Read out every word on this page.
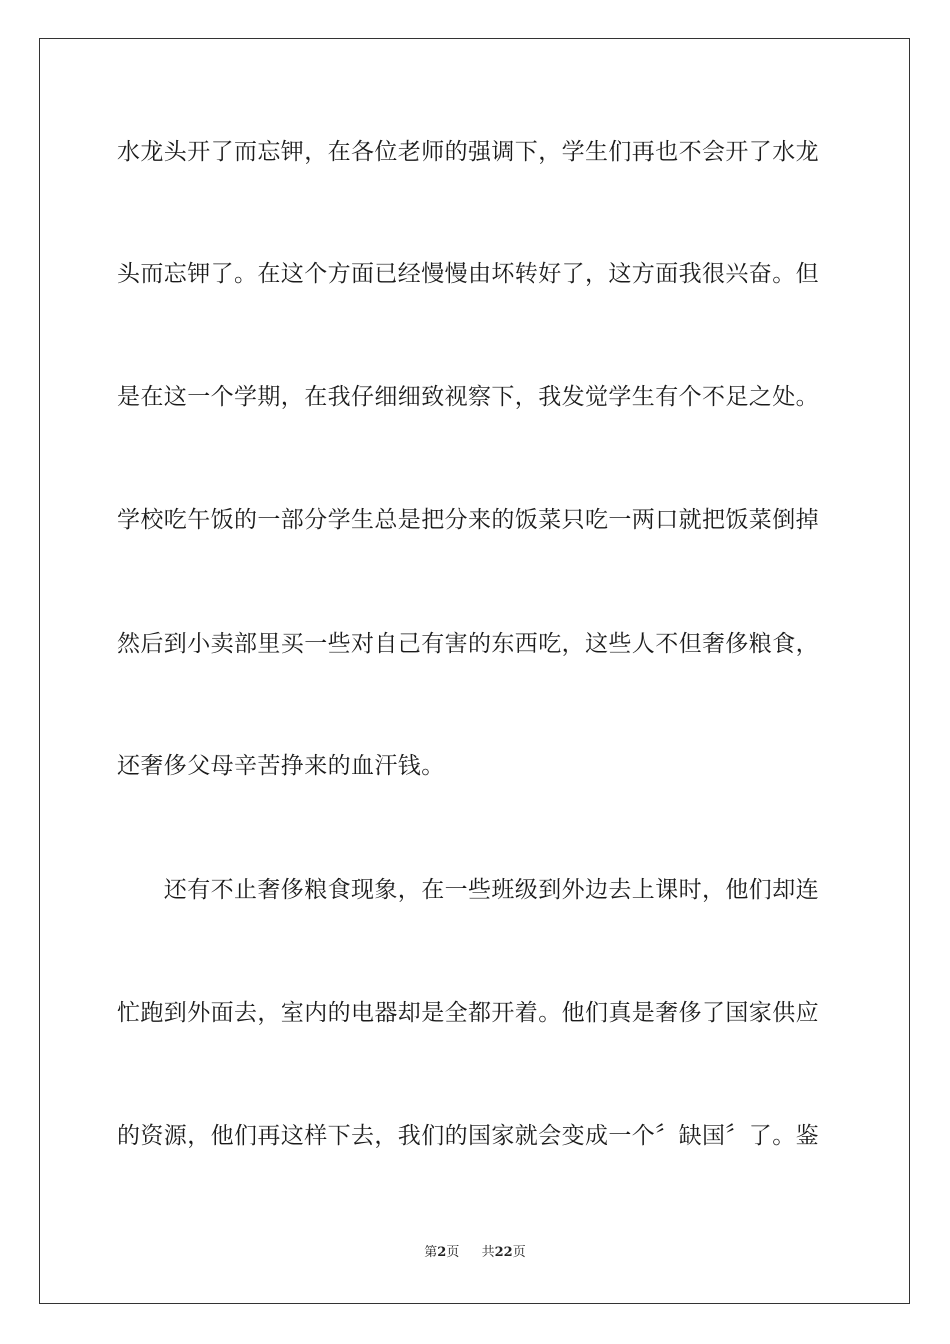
水龙头开了而忘钾，在各位老师的强调下，学生们再也不会开了水龙
头而忘钾了。在这个方面已经慢慢由坏转好了，这方面我很兴奋。但
是在这一个学期，在我仔细细致视察下，我发觉学生有个不足之处。
学校吃午饭的一部分学生总是把分来的饭菜只吃一两口就把饭菜倒掉
然后到小卖部里买一些对自己有害的东西吃，这些人不但奢侈粮食，
还奢侈父母辛苦挣来的血汗钱。
　　还有不止奢侈粮食现象，在一些班级到外边去上课时，他们却连
忙跑到外面去，室内的电器却是全都开着。他们真是奢侈了国家供应
的资源，他们再这样下去，我们的国家就会变成一个〞缺国〞了。鉴
第2页 共22页
